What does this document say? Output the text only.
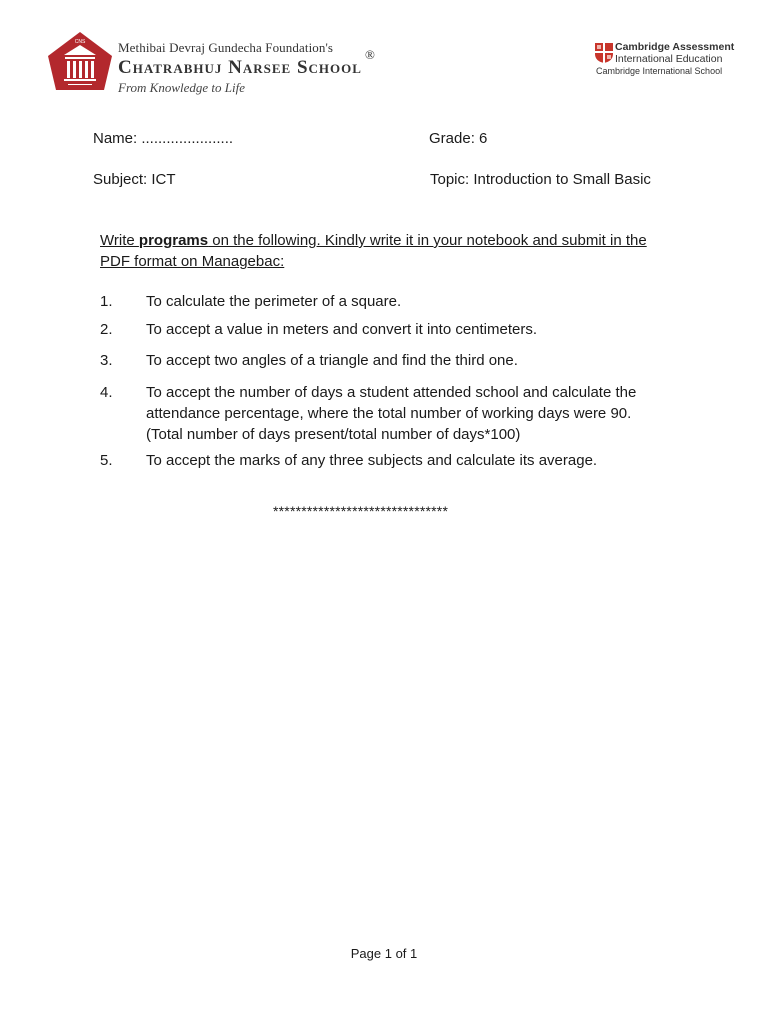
CNS	Methibai Devraj Gundecha Foundation's
Chatrabhuj Narsee School
®
From Knowledge to Life
Cambridge Assessment
International Education
Cambridge International School
Name: ......................	Grade: 6
Subject: ICT	Topic: Introduction to Small Basic
Write programs on the following. Kindly write it in your notebook and submit in the PDF format on Managebac:
1. To calculate the perimeter of a square.
2. To accept a value in meters and convert it into centimeters.
3. To accept two angles of a triangle and find the third one.
4. To accept the number of days a student attended school and calculate the attendance percentage, where the total number of working days were 90. (Total number of days present/total number of days*100)
5. To accept the marks of any three subjects and calculate its average.
*******************************
Page 1 of 1
